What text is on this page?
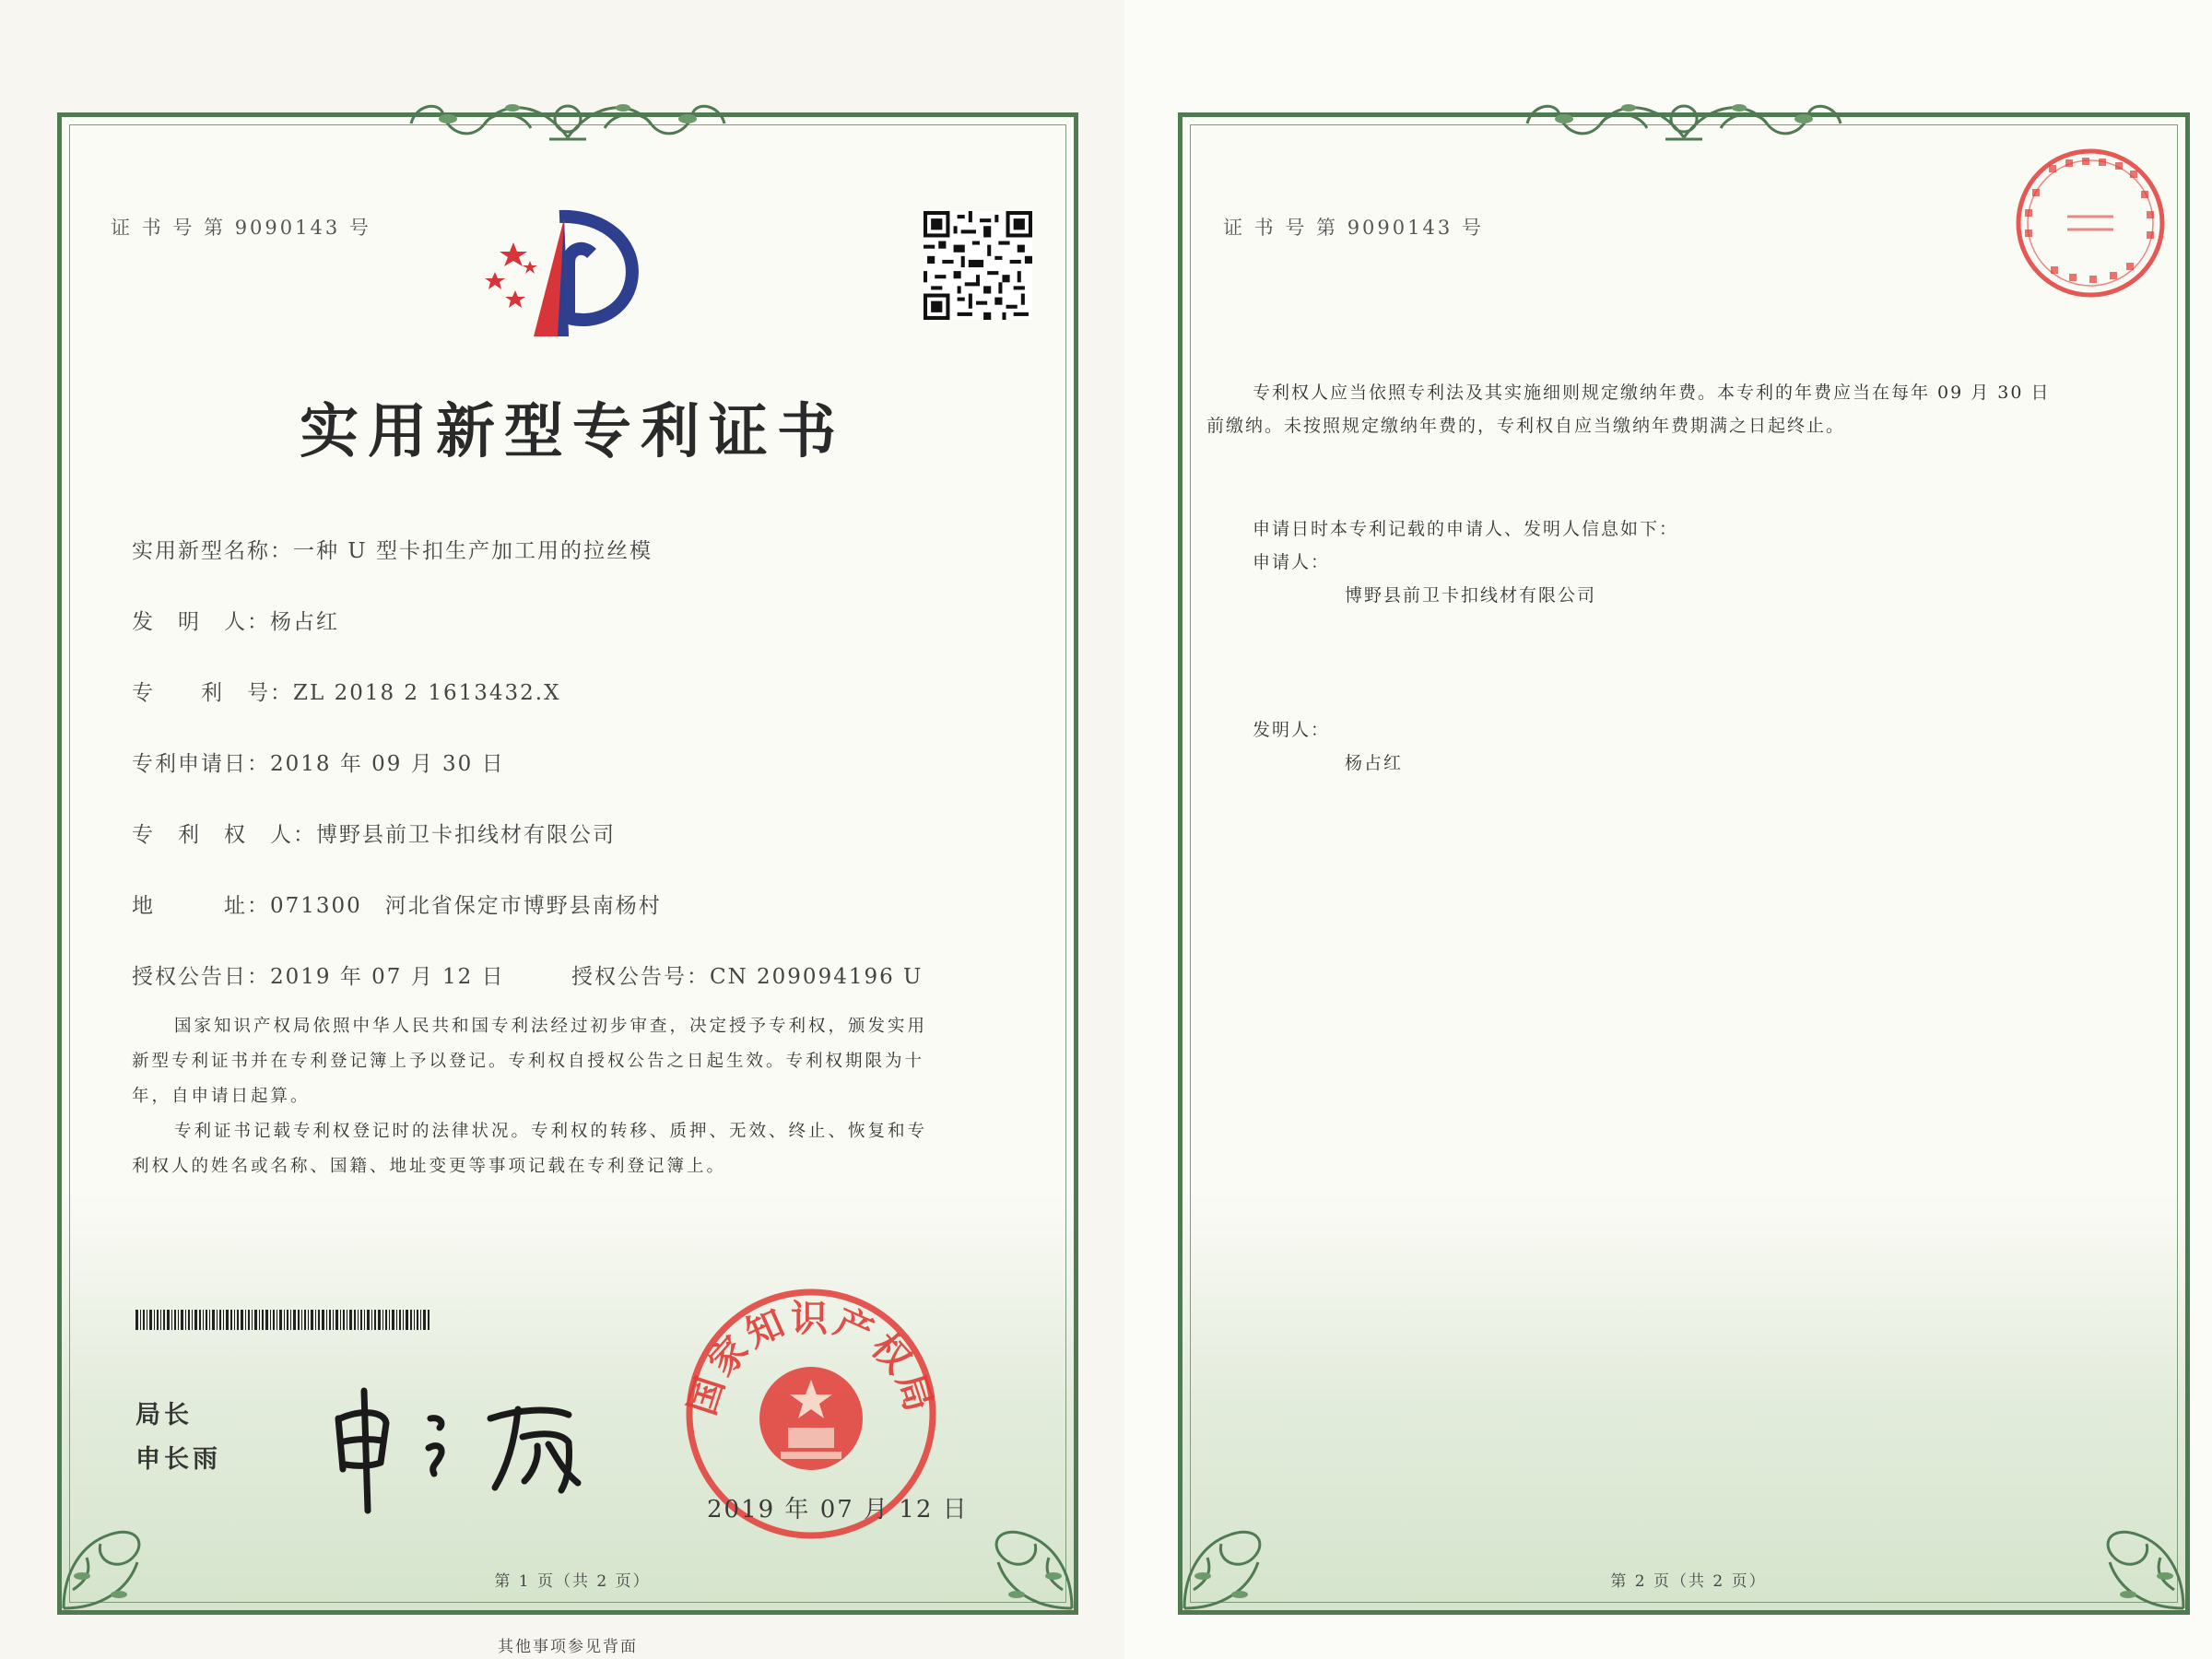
证 书 号 第 9090143 号
实用新型专利证书
实用新型名称：一种 U 型卡扣生产加工用的拉丝模
发　明　人：杨占红
专　　利　号：ZL 2018 2 1613432.X
专利申请日：2018 年 09 月 30 日
专　利　权　人：博野县前卫卡扣线材有限公司
地　　　址：071300　河北省保定市博野县南杨村
授权公告日：2019 年 07 月 12 日	授权公告号：CN 209094196 U
国家知识产权局依照中华人民共和国专利法经过初步审查，决定授予专利权，颁发实用
新型专利证书并在专利登记簿上予以登记。专利权自授权公告之日起生效。专利权期限为十
年，自申请日起算。
专利证书记载专利权登记时的法律状况。专利权的转移、质押、无效、终止、恢复和专
利权人的姓名或名称、国籍、地址变更等事项记载在专利登记簿上。
局长
申长雨
国家知识产权局
2019 年 07 月 12 日
第 1 页（共 2 页）
其他事项参见背面
证 书 号 第 9090143 号
专利权人应当依照专利法及其实施细则规定缴纳年费。本专利的年费应当在每年 09 月 30 日
前缴纳。未按照规定缴纳年费的，专利权自应当缴纳年费期满之日起终止。
申请日时本专利记载的申请人、发明人信息如下：
申请人：
博野县前卫卡扣线材有限公司
发明人：
杨占红
第 2 页（共 2 页）
